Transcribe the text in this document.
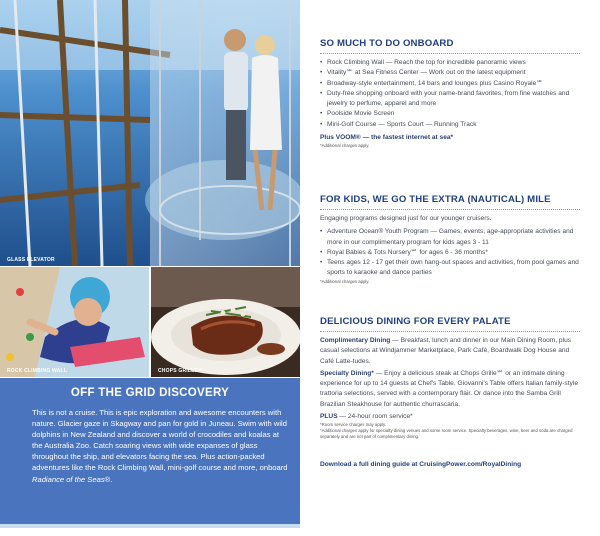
GLASS ELEVATOR
ROCK CLIMBING WALL	CHOPS GRILLE℠
OFF THE GRID DISCOVERY

This is not a cruise. This is epic exploration and awesome encounters with nature. Glacier gaze in Skagway and pan for gold in Juneau. Swim with wild dolphins in New Zealand and discover a world of crocodiles and koalas at the Australia Zoo. Catch soaring views with wide expanses of glass throughout the ship, and elevators facing the sea. Plus action-packed adventures like the Rock Climbing Wall, mini-golf course and more, onboard Radiance of the Seas®.

SO MUCH TO DO ONBOARD
• Rock Climbing Wall — Reach the top for incredible panoramic views
• Vitality℠ at Sea Fitness Center — Work out on the latest equipment
• Broadway-style entertainment, 14 bars and lounges plus Casino Royale℠
• Duty-free shopping onboard with your name-brand favorites, from fine watches and jewelry to perfume, apparel and more
• Poolside Movie Screen
• Mini-Golf Course — Sports Court — Running Track
Plus VOOM® — the fastest internet at sea*
*Additional charges apply.
FOR KIDS, WE GO THE EXTRA (NAUTICAL) MILE
Engaging programs designed just for our younger cruisers.
• Adventure Ocean® Youth Program — Games, events, age-appropriate activities and more in our complimentary program for kids ages 3 - 11
• Royal Babies & Tots Nursery℠ for ages 6 - 36 months*
• Teens ages 12 - 17 get their own hang-out spaces and activities, from pool games and sports to karaoke and dance parties
*Additional charges apply.
DELICIOUS DINING FOR EVERY PALATE

Complimentary Dining — Breakfast, lunch and dinner in our Main Dining Room, plus casual selections at Windjammer Marketplace, Park Café, Boardwalk Dog House and Café Latte-tudes.

Specialty Dining* — Enjoy a delicious steak at Chops Grille℠ or an intimate dining experience for up to 14 guests at Chef's Table. Giovanni's Table offers Italian family-style trattoria selections, served with a contemporary flair. Or dance into the Samba Grill Brazilian Steakhouse for authentic churrascaria.

PLUS — 24-hour room service*

*Room service charges may apply.
*Additional charges apply for specialty dining venues and some room service. Specialty beverages, wine, beer and soda are charged separately and are not part of complimentary dining.
Download a full dining guide at CruisingPower.com/RoyalDining
